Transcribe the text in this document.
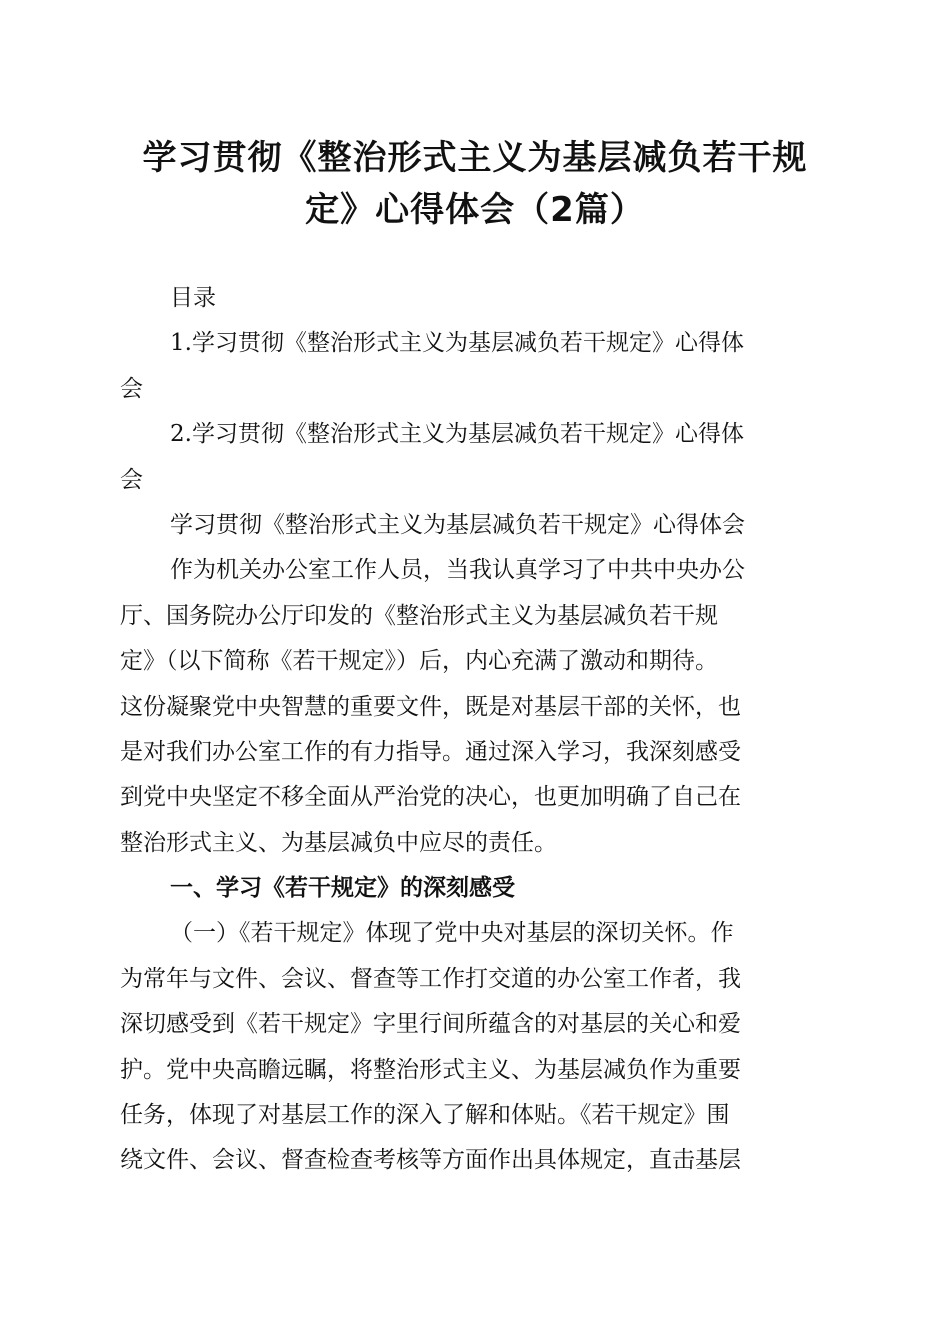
学习贯彻《整治形式主义为基层减负若干规
定》心得体会（2篇）
目录
1.学习贯彻《整治形式主义为基层减负若干规定》心得体
会
2.学习贯彻《整治形式主义为基层减负若干规定》心得体
会
学习贯彻《整治形式主义为基层减负若干规定》心得体会
作为机关办公室工作人员，当我认真学习了中共中央办公
厅、国务院办公厅印发的《整治形式主义为基层减负若干规
定》（以下简称《若干规定》）后，内心充满了激动和期待。
这份凝聚党中央智慧的重要文件，既是对基层干部的关怀，也
是对我们办公室工作的有力指导。通过深入学习，我深刻感受
到党中央坚定不移全面从严治党的决心，也更加明确了自己在
整治形式主义、为基层减负中应尽的责任。
一、学习《若干规定》的深刻感受
（一）《若干规定》体现了党中央对基层的深切关怀。作
为常年与文件、会议、督查等工作打交道的办公室工作者，我
深切感受到《若干规定》字里行间所蕴含的对基层的关心和爱
护。党中央高瞻远瞩，将整治形式主义、为基层减负作为重要
任务，体现了对基层工作的深入了解和体贴。《若干规定》围
绕文件、会议、督查检查考核等方面作出具体规定，直击基层
